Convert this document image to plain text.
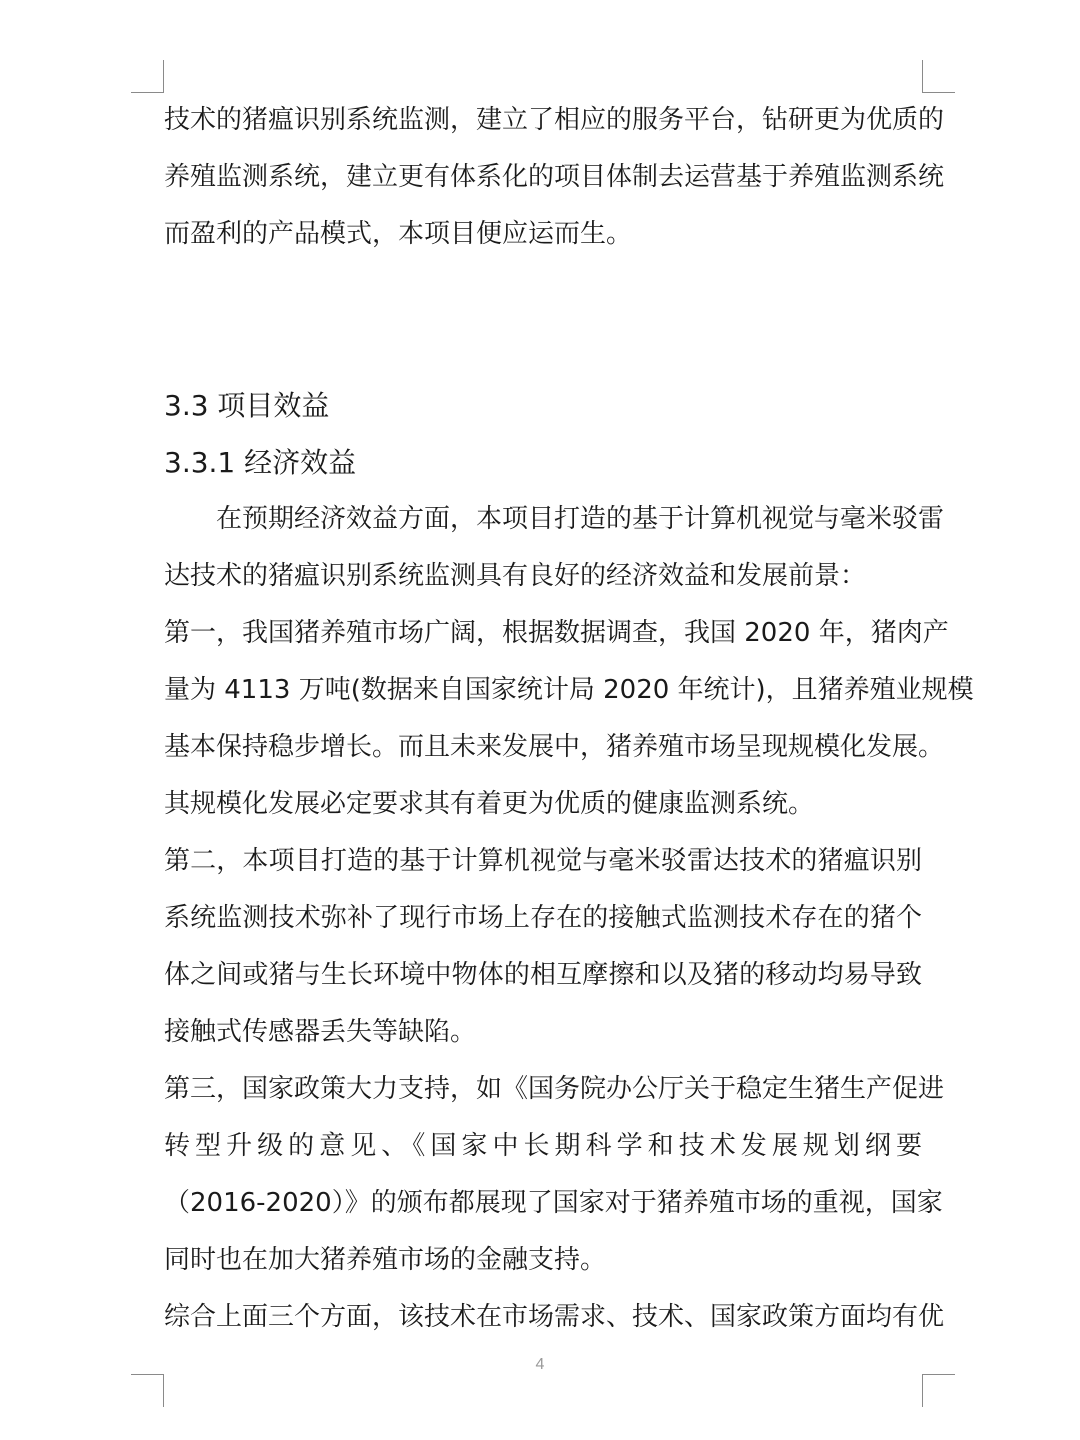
技术的猪瘟识别系统监测，建立了相应的服务平台，钻研更为优质的
养殖监测系统，建立更有体系化的项目体制去运营基于养殖监测系统
而盈利的产品模式，本项目便应运而生。
3.3 项目效益
3.3.1 经济效益
在预期经济效益方面，本项目打造的基于计算机视觉与毫米驳雷
达技术的猪瘟识别系统监测具有良好的经济效益和发展前景：
第一，我国猪养殖市场广阔，根据数据调查，我国 2020 年，猪肉产
量为 4113 万吨(数据来自国家统计局 2020 年统计)，且猪养殖业规模
基本保持稳步增长。而且未来发展中，猪养殖市场呈现规模化发展。
其规模化发展必定要求其有着更为优质的健康监测系统。
第二，本项目打造的基于计算机视觉与毫米驳雷达技术的猪瘟识别
系统监测技术弥补了现行市场上存在的接触式监测技术存在的猪个
体之间或猪与生长环境中物体的相互摩擦和以及猪的移动均易导致
接触式传感器丢失等缺陷。
第三，国家政策大力支持，如《国务院办公厅关于稳定生猪生产促进
转型升级的意见、《国家中长期科学和技术发展规划纲要
（2016-2020）》的颁布都展现了国家对于猪养殖市场的重视，国家
同时也在加大猪养殖市场的金融支持。
综合上面三个方面，该技术在市场需求、技术、国家政策方面均有优
4
